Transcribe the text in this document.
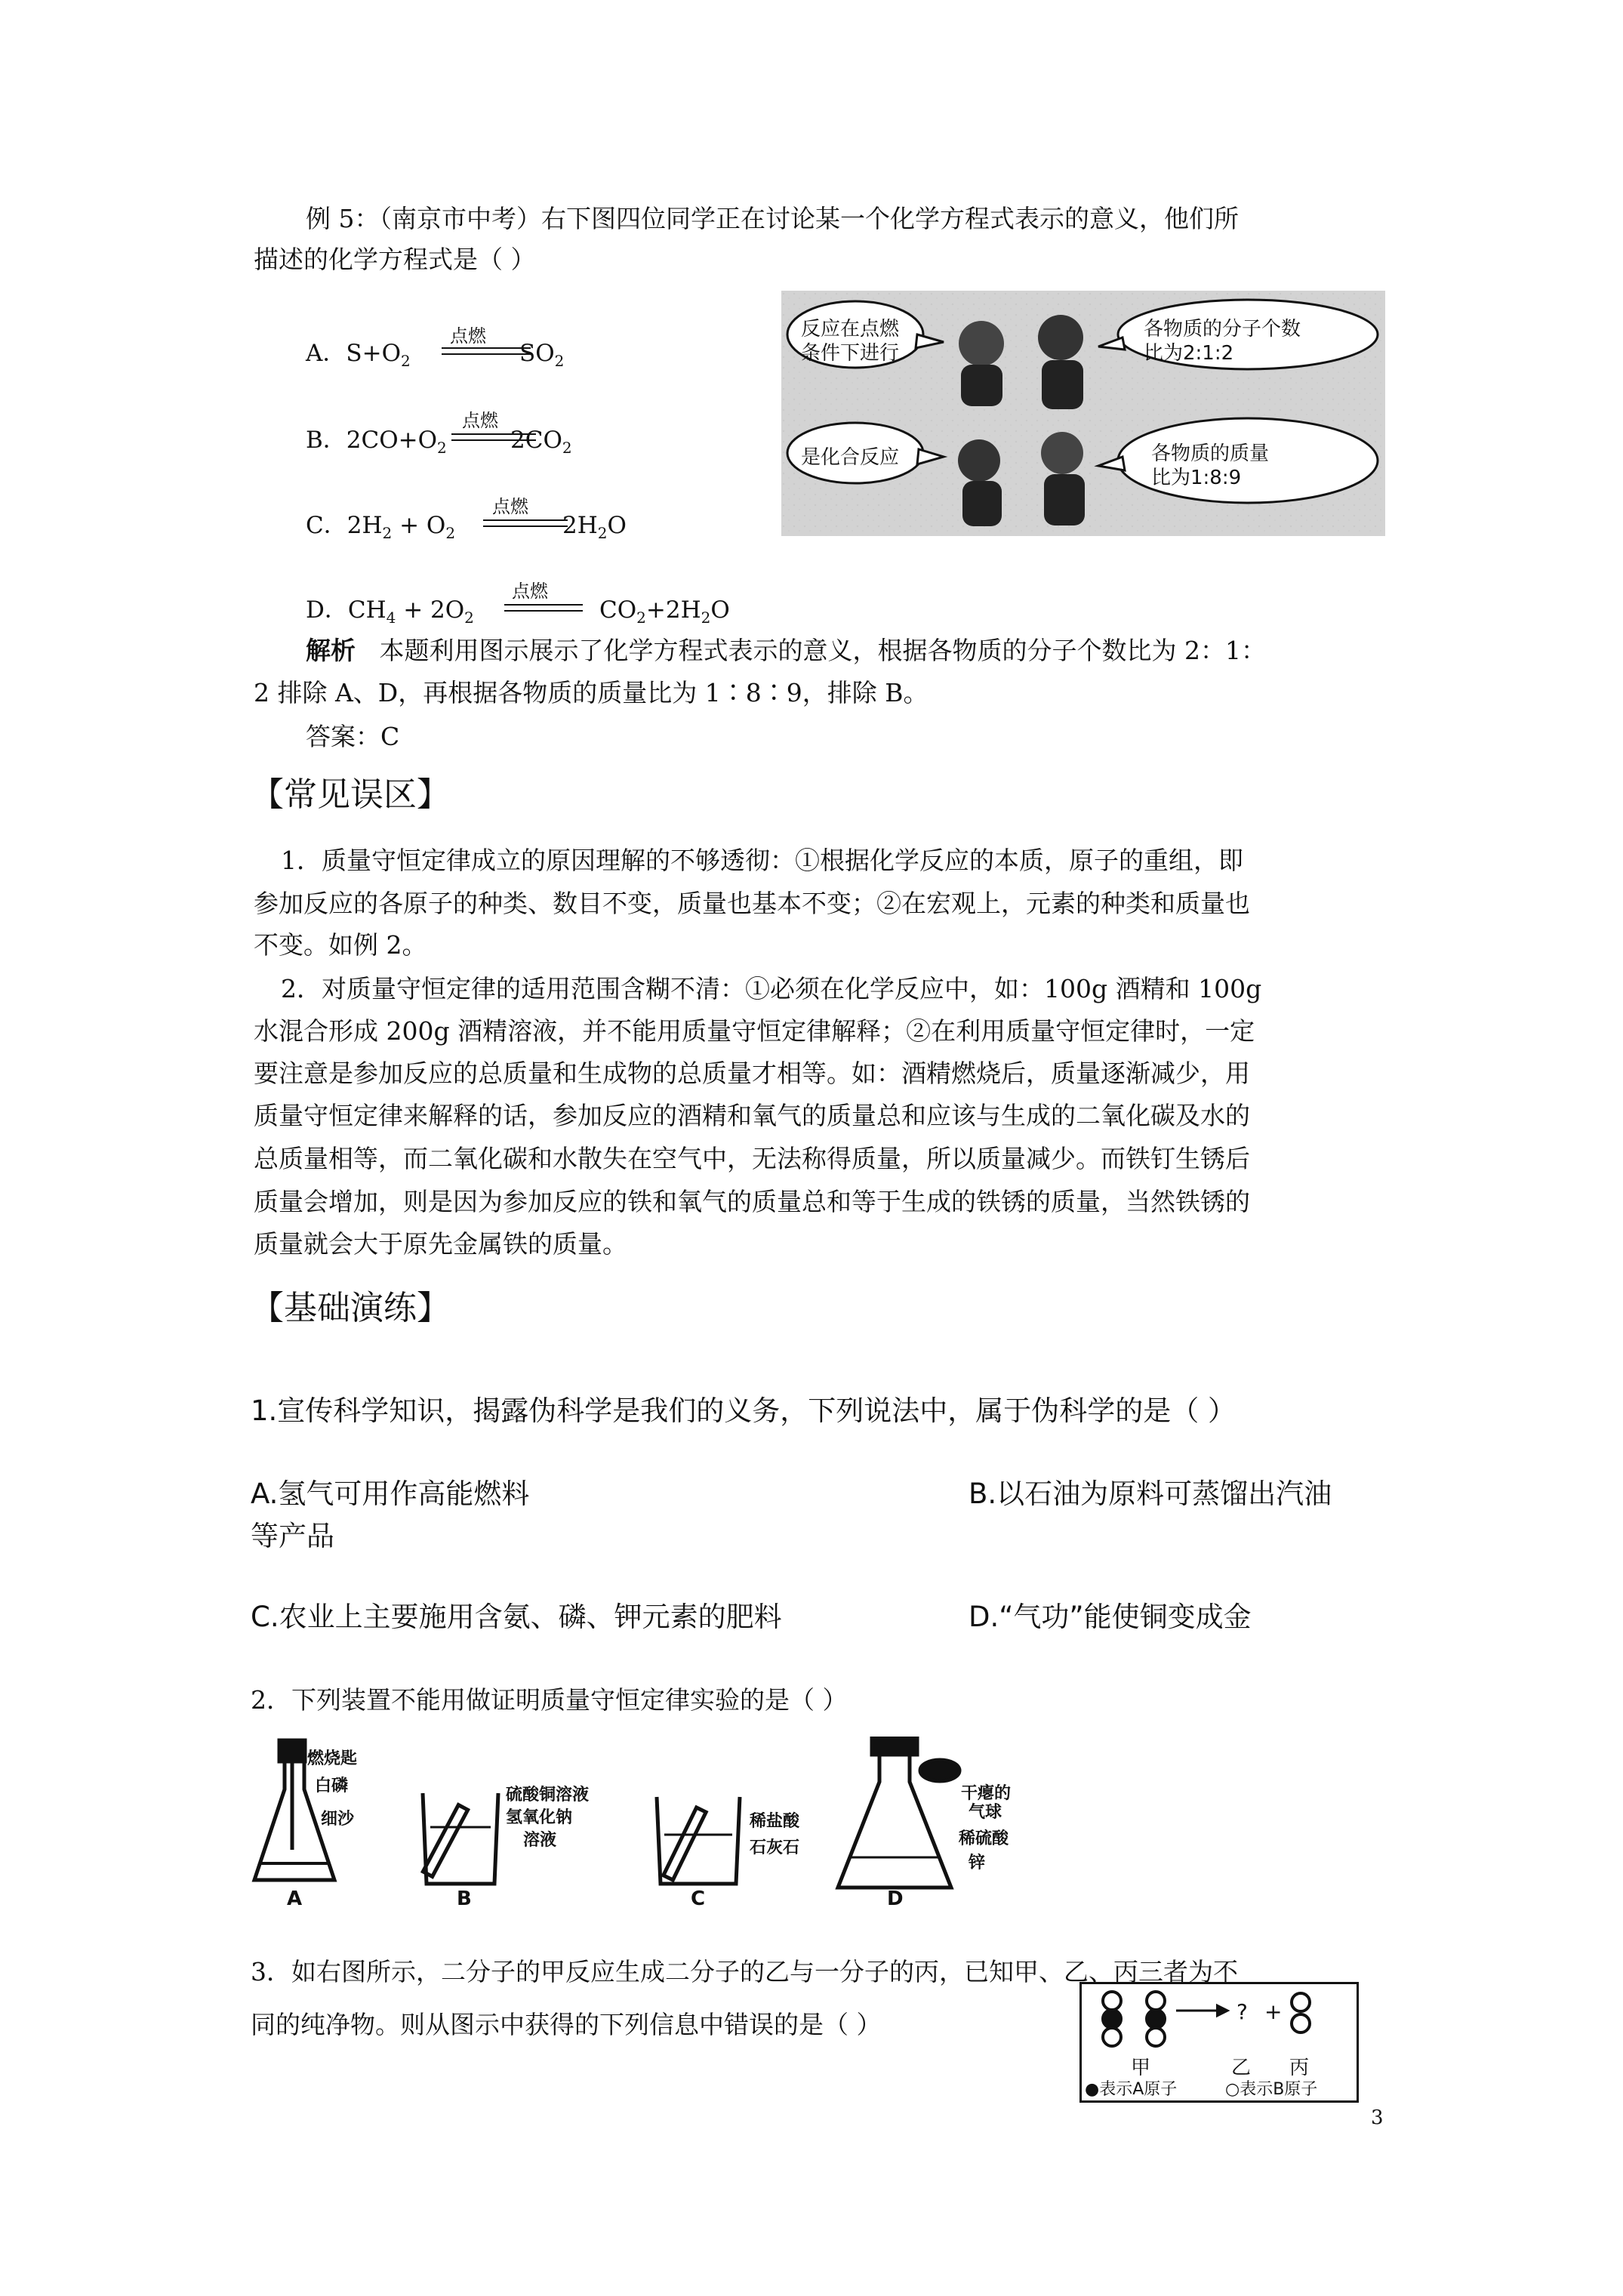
例 5：（南京市中考）右下图四位同学正在讨论某一个化学方程式表示的意义，他们所
描述的化学方程式是（ ）
A．$S+O_2$
点燃
$SO_2$
B．$2CO+O_2$
点燃
$2CO_2$
C．$2H_2 + O_2$
点燃
$2H_2O$
D．$CH_4 + 2O_2$
点燃
$CO_2+2H_2O$
反应在点燃
条件下进行
各物质的分子个数
比为2:1:2
是化合反应	各物质的质量
比为1:8:9
解析 本题利用图示展示了化学方程式表示的意义，根据各物质的分子个数比为 2：1：
2 排除 A、D，再根据各物质的质量比为 1∶8∶9，排除 B。
答案：C
【常见误区】
1．质量守恒定律成立的原因理解的不够透彻：①根据化学反应的本质，原子的重组，即
参加反应的各原子的种类、数目不变，质量也基本不变；②在宏观上，元素的种类和质量也
不变。如例 2。
2．对质量守恒定律的适用范围含糊不清：①必须在化学反应中，如：100g 酒精和 100g
水混合形成 200g 酒精溶液，并不能用质量守恒定律解释；②在利用质量守恒定律时，一定
要注意是参加反应的总质量和生成物的总质量才相等。如：酒精燃烧后，质量逐渐减少，用
质量守恒定律来解释的话，参加反应的酒精和氧气的质量总和应该与生成的二氧化碳及水的
总质量相等，而二氧化碳和水散失在空气中，无法称得质量，所以质量减少。而铁钉生锈后
质量会增加，则是因为参加反应的铁和氧气的质量总和等于生成的铁锈的质量，当然铁锈的
质量就会大于原先金属铁的质量。
【基础演练】
1.宣传科学知识，揭露伪科学是我们的义务，下列说法中，属于伪科学的是（ ）
A.氢气可用作高能燃料	B.以石油为原料可蒸馏出汽油
等产品
C.农业上主要施用含氨、磷、钾元素的肥料	D.“气功”能使铜变成金
2．下列装置不能用做证明质量守恒定律实验的是（ ）
燃烧匙
白磷
细沙
硫酸铜溶液
氢氧化钠
溶液
稀盐酸
石灰石
干瘪的
气球
稀硫酸
锌
A	B	C	D
3．如右图所示，二分子的甲反应生成二分子的乙与一分子的丙，已知甲、乙、丙三者为不
同的纯净物。则从图示中获得的下列信息中错误的是（ ）	? +
甲	乙 丙
●表示A原子	○表示B原子
3
